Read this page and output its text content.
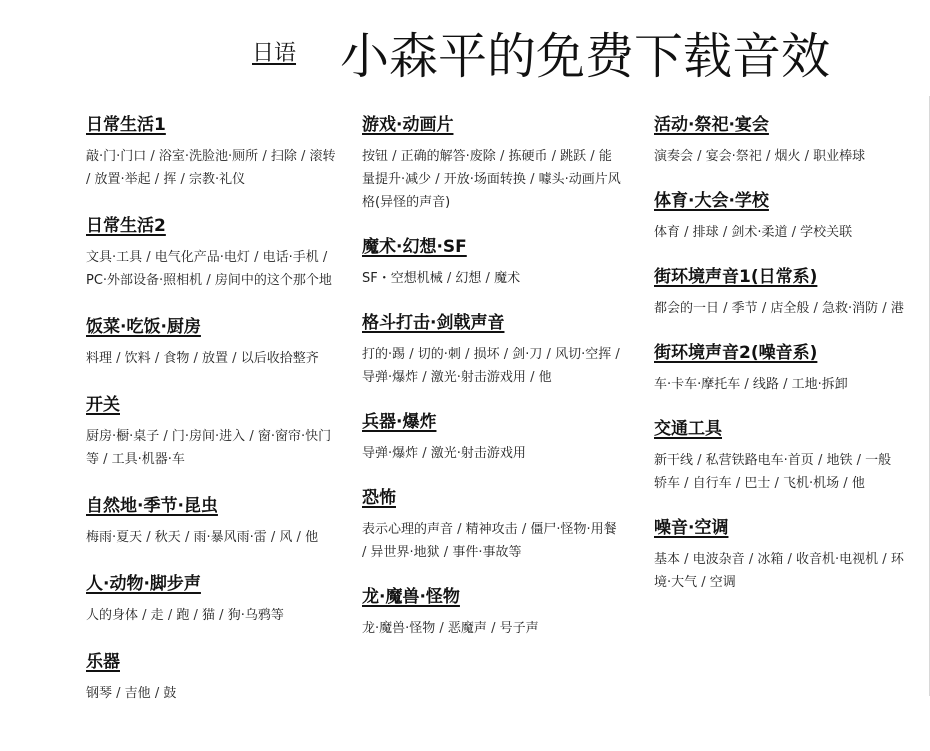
日语 小森平的免费下载音效
日常生活1
敲·门·门口 / 浴室·洗脸池·厕所 / 扫除 / 滚转 / 放置·举起 / 挥 / 宗教·礼仪
日常生活2
文具·工具 / 电气化产品·电灯 / 电话·手机 / PC·外部设备·照相机 / 房间中的这个那个地
饭菜·吃饭·厨房
料理 / 饮料 / 食物 / 放置 / 以后收拾整齐
开关
厨房·橱·桌子 / 门·房间·进入 / 窗·窗帘·快门等 / 工具·机器·车
自然地·季节·昆虫
梅雨·夏天 / 秋天 / 雨·暴风雨·雷 / 风 / 他
人·动物·脚步声
人的身体 / 走 / 跑 / 猫 / 狗·乌鸦等
乐器
钢琴 / 吉他 / 鼓
游戏·动画片
按钮 / 正确的解答·废除 / 拣硬币 / 跳跃 / 能量提升·减少 / 开放·场面转换 / 噱头·动画片风格(异怪的声音)
魔术·幻想·SF
SF・空想机械 / 幻想 / 魔术
格斗打击·剑戟声音
打的·踢 / 切的·刺 / 损坏 / 剑·刀 / 风切·空挥 / 导弹·爆炸 / 激光·射击游戏用 / 他
兵器·爆炸
导弹·爆炸 / 激光·射击游戏用
恐怖
表示心理的声音 / 精神攻击 / 僵尸·怪物·用餐 / 异世界·地狱 / 事件·事故等
龙·魔兽·怪物
龙·魔兽·怪物 / 恶魔声 / 号子声
活动·祭祀·宴会
演奏会 / 宴会·祭祀 / 烟火 / 职业棒球
体育·大会·学校
体育 / 排球 / 剑术·柔道 / 学校关联
街环境声音1(日常系)
都会的一日 / 季节 / 店全般 / 急救·消防 / 港
街环境声音2(噪音系)
车·卡车·摩托车 / 线路 / 工地·拆卸
交通工具
新干线 / 私营铁路电车·首页 / 地铁 / 一般轿车 / 自行车 / 巴士 / 飞机·机场 / 他
噪音·空调
基本 / 电波杂音 / 冰箱 / 收音机·电视机 / 环境·大气 / 空调
